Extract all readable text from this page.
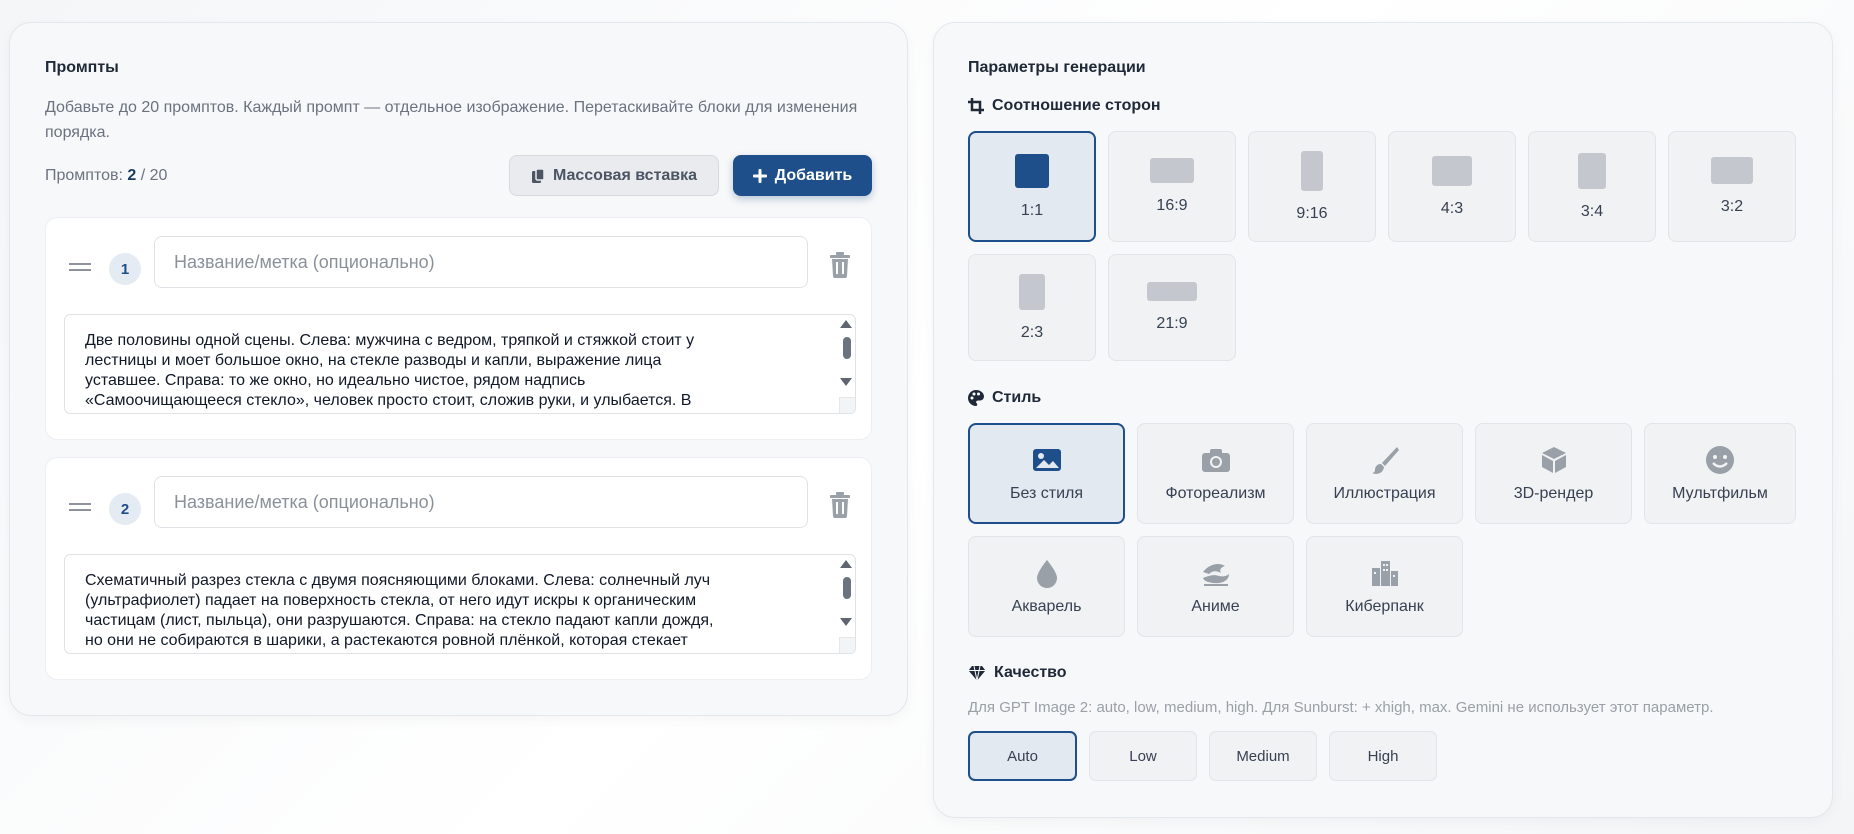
Промпты
Добавьте до 20 промптов. Каждый промпт — отдельное изображение. Перетаскивайте блоки для изменения порядка.
Промптов: 2 / 20	Массовая вставка	Добавить
1
Название/метка (опционально)
Две половины одной сцены. Слева: мужчина с ведром, тряпкой и стяжкой стоит у
лестницы и моет большое окно, на стекле разводы и капли, выражение лица
уставшее. Справа: то же окно, но идеально чистое, рядом надпись
«Самоочищающееся стекло», человек просто стоит, сложив руки, и улыбается. В
2
Название/метка (опционально)
Схематичный разрез стекла с двумя поясняющими блоками. Слева: солнечный луч
(ультрафиолет) падает на поверхность стекла, от него идут искры к органическим
частицам (лист, пыльца), они разрушаются. Справа: на стекло падают капли дождя,
но они не собираются в шарики, а растекаются ровной плёнкой, которая стекает
Параметры генерации
Соотношение сторон
1:1	16:9	9:16	4:3	3:4	3:2
2:3	21:9
Стиль
Без стиля	Фотореализм	Иллюстрация	3D-рендер	Мультфильм
Акварель	Аниме	Киберпанк
Качество
Для GPT Image 2: auto, low, medium, high. Для Sunburst: + xhigh, max. Gemini не использует этот параметр.
Auto	Low	Medium	High
